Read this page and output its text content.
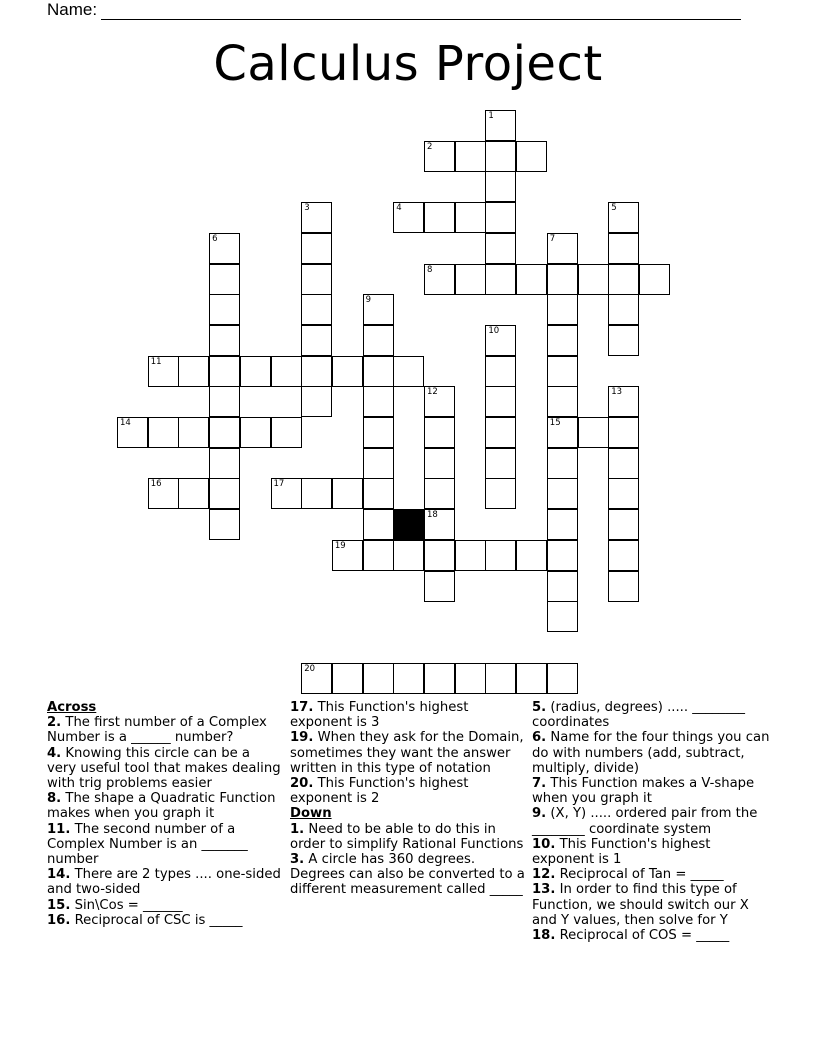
Name:
Calculus Project
2
4
8
11
14	15
16	17
19
20
1
3	5
6	7
9
10
12
18
13
Across
2. The first number of a Complex Number is a ______ number?
4. Knowing this circle can be a very useful tool that makes dealing with trig problems easier
8. The shape a Quadratic Function makes when you graph it
11. The second number of a Complex Number is an _______ number
14. There are 2 types .... one-sided and two-sided
15. Sin\Cos = ______
16. Reciprocal of CSC is _____
17. This Function's highest exponent is 3
19. When they ask for the Domain, sometimes they want the answer written in this type of notation
20. This Function's highest exponent is 2
Down
1. Need to be able to do this in order to simplify Rational Functions
3. A circle has 360 degrees. Degrees can also be converted to a different measurement called _____
5. (radius, degrees) ..... ________ coordinates
6. Name for the four things you can do with numbers (add, subtract, multiply, divide)
7. This Function makes a V-shape when you graph it
9. (X, Y) ..... ordered pair from the ________ coordinate system
10. This Function's highest exponent is 1
12. Reciprocal of Tan = _____
13. In order to find this type of Function, we should switch our X and Y values, then solve for Y
18. Reciprocal of COS = _____
